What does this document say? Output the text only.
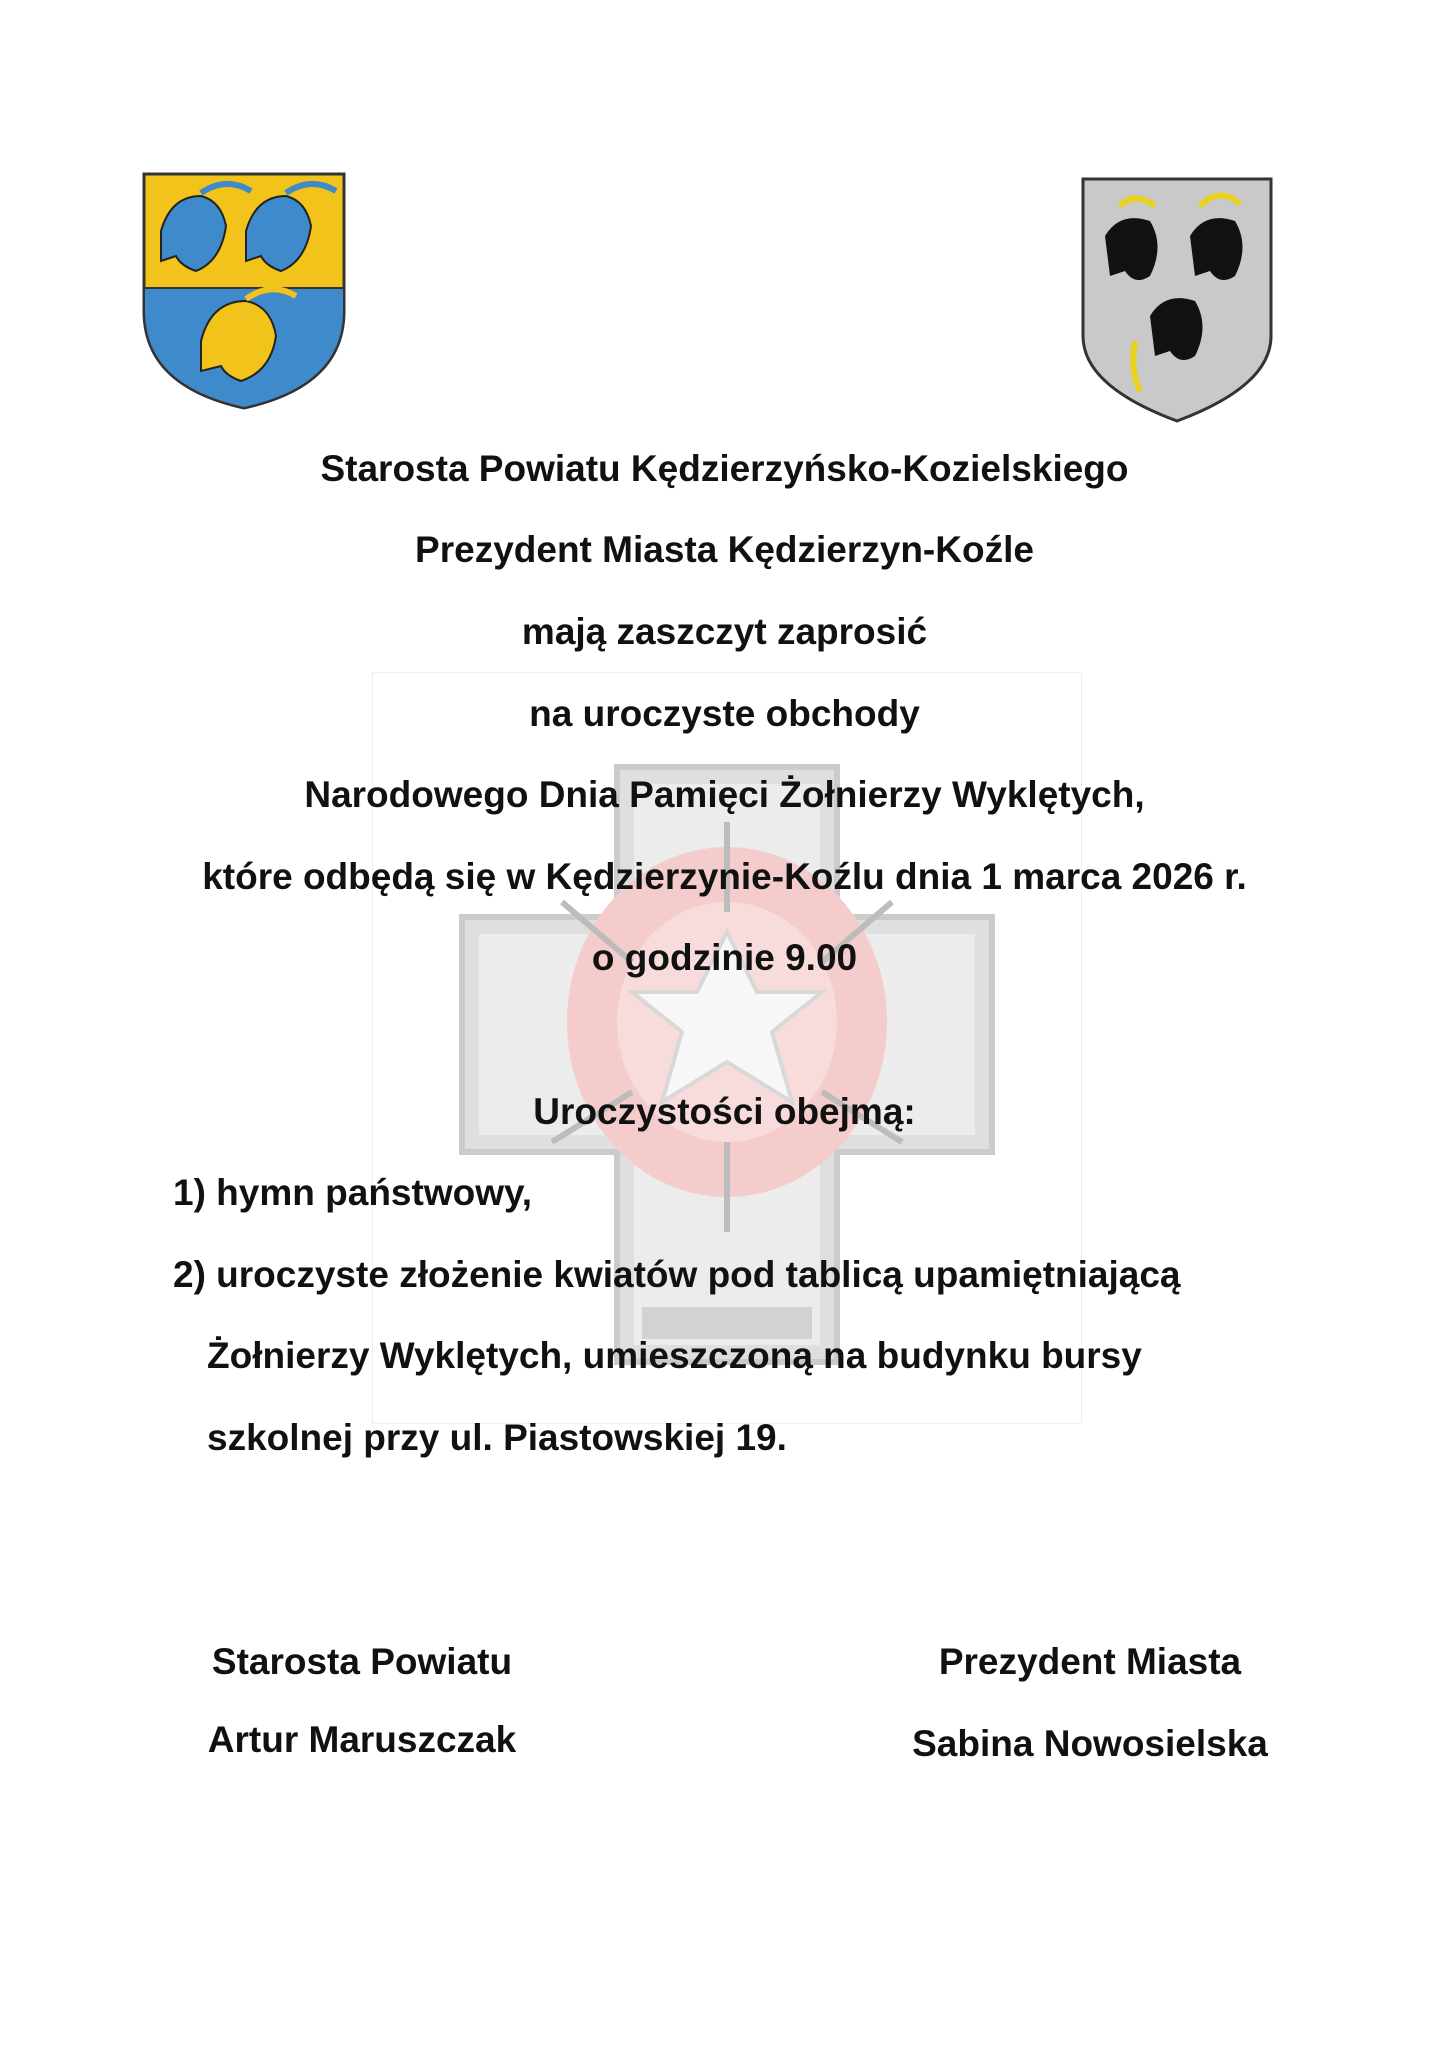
Starosta Powiatu Kędzierzyńsko-Kozielskiego
Prezydent Miasta Kędzierzyn-Koźle
mają zaszczyt zaprosić
na uroczyste obchody
Narodowego Dnia Pamięci Żołnierzy Wyklętych,
które odbędą się w Kędzierzynie-Koźlu dnia 1 marca 2026 r.
o godzinie 9.00
Uroczystości obejmą:
1) hymn państwowy,
2) uroczyste złożenie kwiatów pod tablicą upamiętniającą
Żołnierzy Wyklętych, umieszczoną na budynku bursy
szkolnej przy ul. Piastowskiej 19.
Starosta Powiatu
Artur Maruszczak
Prezydent Miasta
Sabina Nowosielska
